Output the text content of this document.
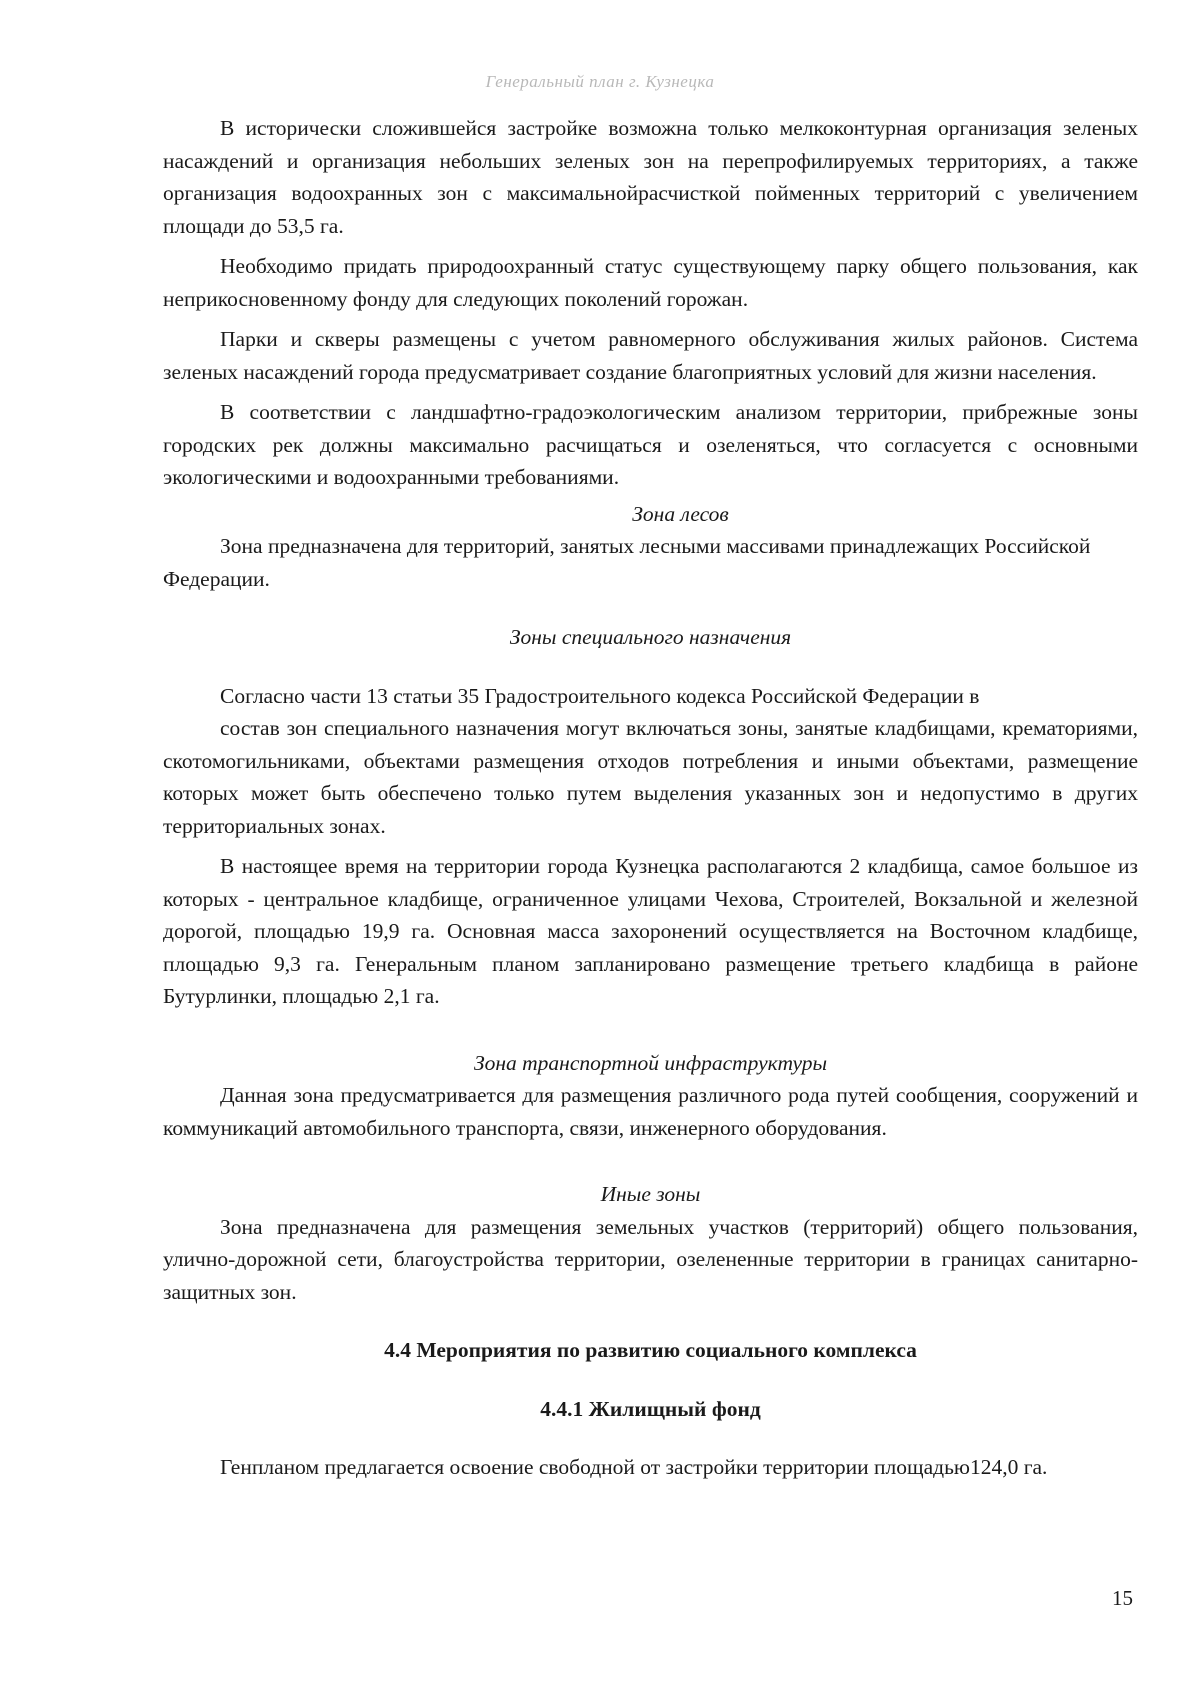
Генеральный план г. Кузнецка

В исторически сложившейся застройке возможна только мелкоконтурная организация зеленых насаждений и организация небольших зеленых зон на перепрофилируемых территориях, а также организация водоохранных зон с максимальнойрасчисткой пойменных территорий с увеличением площади до 53,5 га.

Необходимо придать природоохранный статус существующему парку общего пользования, как неприкосновенному фонду для следующих поколений горожан.

Парки и скверы размещены с учетом равномерного обслуживания жилых районов. Система зеленых насаждений города предусматривает создание благоприятных условий для жизни населения.

В соответствии с ландшафтно-градоэкологическим анализом территории, прибрежные зоны городских рек должны максимально расчищаться и озеленяться, что согласуется с основными экологическими и водоохранными требованиями.

Зона лесов

Зона предназначена для территорий, занятых лесными массивами принадлежащих Российской Федерации.

Зоны специального назначения

Согласно части 13 статьи 35 Градостроительного кодекса Российской Федерации в

состав зон специального назначения могут включаться зоны, занятые кладбищами, крематориями, скотомогильниками, объектами размещения отходов потребления и иными объектами, размещение которых может быть обеспечено только путем выделения указанных зон и недопустимо в других территориальных зонах.

В настоящее время на территории города Кузнецка располагаются 2 кладбища, самое большое из которых - центральное кладбище, ограниченное улицами Чехова, Строителей, Вокзальной и железной дорогой, площадью 19,9 га. Основная масса захоронений осуществляется на Восточном кладбище, площадью 9,3 га. Генеральным планом запланировано размещение третьего кладбища в районе Бутурлинки, площадью 2,1 га.

Зона транспортной инфраструктуры

Данная зона предусматривается для размещения различного рода путей сообщения, сооружений и коммуникаций автомобильного транспорта, связи, инженерного оборудования.

Иные зоны

Зона предназначена для размещения земельных участков (территорий) общего пользования, улично-дорожной сети, благоустройства территории, озелененные территории в границах санитарно-защитных зон.

4.4 Мероприятия по развитию социального комплекса

4.4.1 Жилищный фонд

Генпланом предлагается освоение свободной от застройки территории площадью124,0 га.

15
